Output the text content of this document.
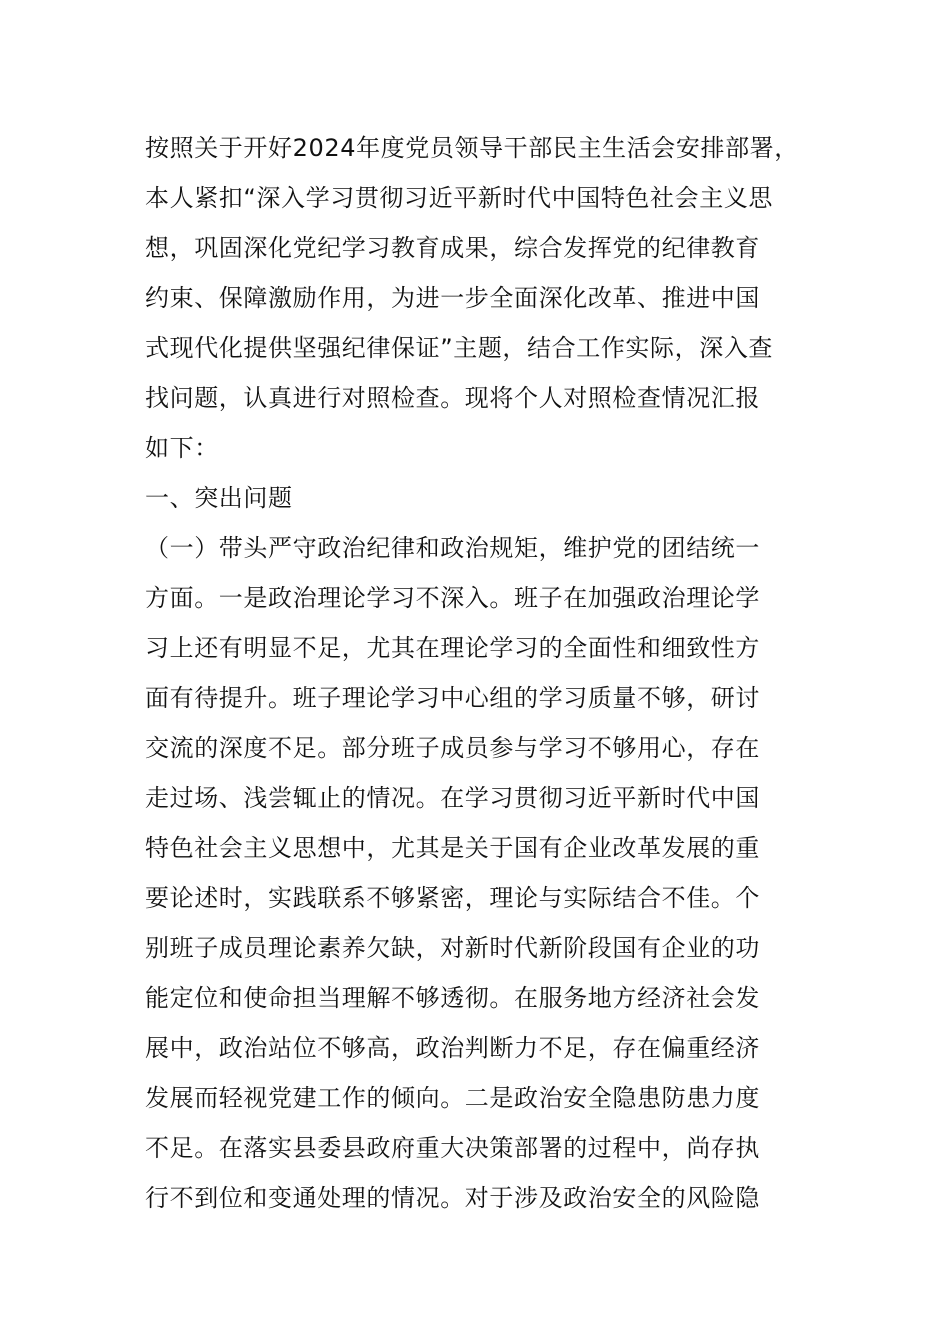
按照关于开好2024年度党员领导干部民主生活会安排部署，
本人紧扣“深入学习贯彻习近平新时代中国特色社会主义思
想，巩固深化党纪学习教育成果，综合发挥党的纪律教育
约束、保障激励作用，为进一步全面深化改革、推进中国
式现代化提供坚强纪律保证”主题，结合工作实际，深入查
找问题，认真进行对照检查。现将个人对照检查情况汇报
如下：
一、突出问题
（一）带头严守政治纪律和政治规矩，维护党的团结统一
方面。一是政治理论学习不深入。班子在加强政治理论学
习上还有明显不足，尤其在理论学习的全面性和细致性方
面有待提升。班子理论学习中心组的学习质量不够，研讨
交流的深度不足。部分班子成员参与学习不够用心，存在
走过场、浅尝辄止的情况。在学习贯彻习近平新时代中国
特色社会主义思想中，尤其是关于国有企业改革发展的重
要论述时，实践联系不够紧密，理论与实际结合不佳。个
别班子成员理论素养欠缺，对新时代新阶段国有企业的功
能定位和使命担当理解不够透彻。在服务地方经济社会发
展中，政治站位不够高，政治判断力不足，存在偏重经济
发展而轻视党建工作的倾向。二是政治安全隐患防患力度
不足。在落实县委县政府重大决策部署的过程中，尚存执
行不到位和变通处理的情况。对于涉及政治安全的风险隐
